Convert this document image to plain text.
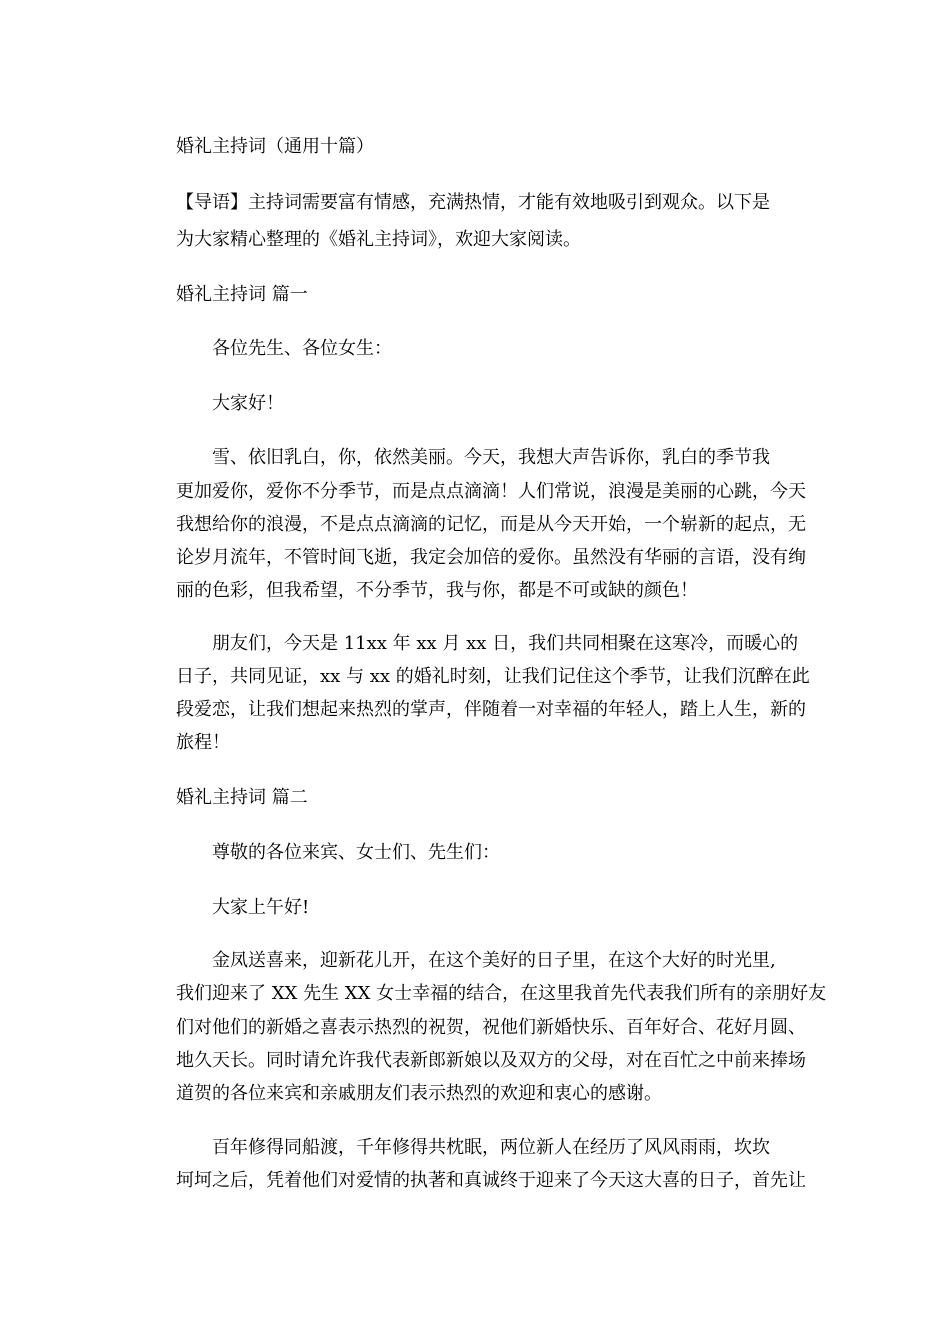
婚礼主持词（通用十篇）

【导语】主持词需要富有情感，充满热情，才能有效地吸引到观众。以下是

为大家精心整理的《婚礼主持词》，欢迎大家阅读。

婚礼主持词 篇一

各位先生、各位女生：

大家好！

雪、依旧乳白，你，依然美丽。今天，我想大声告诉你，乳白的季节我

更加爱你，爱你不分季节，而是点点滴滴！人们常说，浪漫是美丽的心跳，今天

我想给你的浪漫，不是点点滴滴的记忆，而是从今天开始，一个崭新的起点，无

论岁月流年，不管时间飞逝，我定会加倍的爱你。虽然没有华丽的言语，没有绚

丽的色彩，但我希望，不分季节，我与你，都是不可或缺的颜色！

朋友们，今天是 11xx 年 xx 月 xx 日，我们共同相聚在这寒冷，而暖心的

日子，共同见证，xx 与 xx 的婚礼时刻，让我们记住这个季节，让我们沉醉在此

段爱恋，让我们想起来热烈的掌声，伴随着一对幸福的年轻人，踏上人生，新的

旅程！

婚礼主持词 篇二

尊敬的各位来宾、女士们、先生们：

大家上午好!

金凤送喜来，迎新花儿开，在这个美好的日子里，在这个大好的时光里,

我们迎来了 XX 先生 XX 女士幸福的结合，在这里我首先代表我们所有的亲朋好友

们对他们的新婚之喜表示热烈的祝贺，祝他们新婚快乐、百年好合、花好月圆、

地久天长。同时请允许我代表新郎新娘以及双方的父母，对在百忙之中前来捧场

道贺的各位来宾和亲戚朋友们表示热烈的欢迎和衷心的感谢。

百年修得同船渡，千年修得共枕眠，两位新人在经历了风风雨雨，坎坎

坷坷之后，凭着他们对爱情的执著和真诚终于迎来了今天这大喜的日子，首先让
